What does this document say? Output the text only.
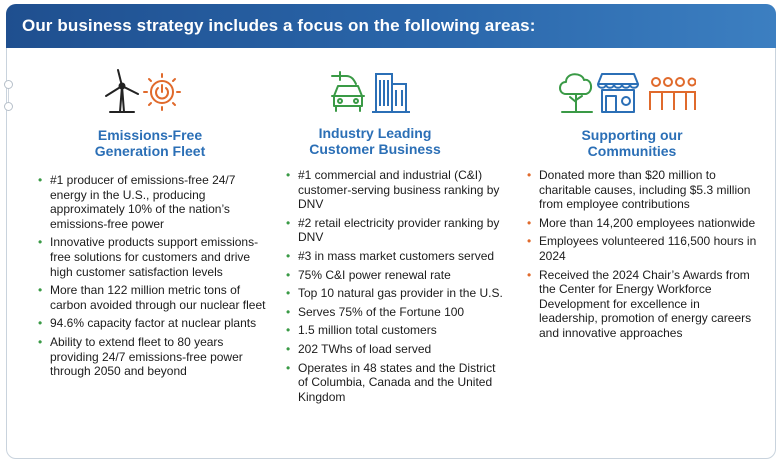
Our business strategy includes a focus on the following areas:
Emissions-Free
Generation Fleet
• #1 producer of emissions-free 24/7 energy in the U.S., producing approximately 10% of the nation’s emissions-free power
• Innovative products support emissions- free solutions for customers and drive high customer satisfaction levels
• More than 122 million metric tons of carbon avoided through our nuclear fleet
• 94.6% capacity factor at nuclear plants
• Ability to extend fleet to 80 years providing 24/7 emissions-free power through 2050 and beyond
Industry Leading
Customer Business
• #1 commercial and industrial (C&I) customer-serving business ranking by DNV
• #2 retail electricity provider ranking by DNV
• #3 in mass market customers served
• 75% C&I power renewal rate
• Top 10 natural gas provider in the U.S.
• Serves 75% of the Fortune 100
• 1.5 million total customers
• 202 TWhs of load served
• Operates in 48 states and the District of Columbia, Canada and the United Kingdom
Supporting our
Communities
• Donated more than $20 million to charitable causes, including $5.3 million from employee contributions
• More than 14,200 employees nationwide
• Employees volunteered 116,500 hours in 2024
• Received the 2024 Chair’s Awards from the Center for Energy Workforce Development for excellence in leadership, promotion of energy careers and innovative approaches
